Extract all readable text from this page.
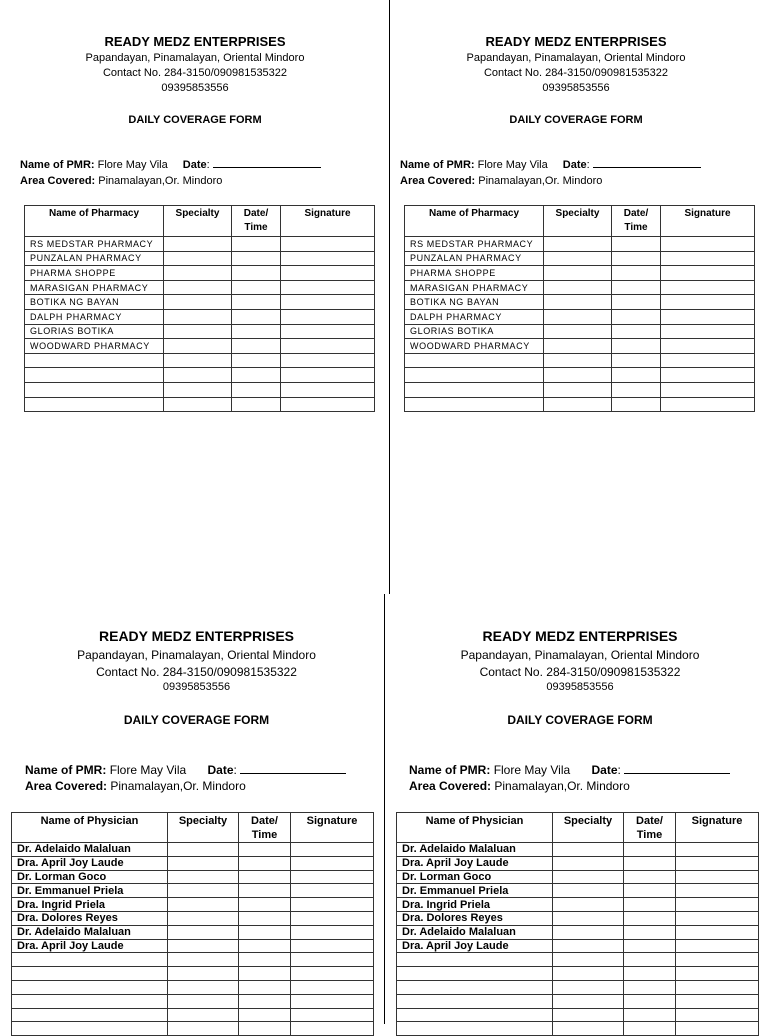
READY MEDZ ENTERPRISES
Papandayan, Pinamalayan, Oriental Mindoro
Contact No. 284-3150/090981535322
09395853556
DAILY COVERAGE FORM
Name of PMR: Flore May Vila Date:
Area Covered: Pinamalayan,Or. Mindoro
Name of Pharmacy	Specialty	Date/
Time	Signature
RS MEDSTAR PHARMACY			
PUNZALAN PHARMACY			
PHARMA SHOPPE			
MARASIGAN PHARMACY			
BOTIKA NG BAYAN			
DALPH PHARMACY			
GLORIAS BOTIKA			
WOODWARD PHARMACY			

READY MEDZ ENTERPRISES
Papandayan, Pinamalayan, Oriental Mindoro
Contact No. 284-3150/090981535322
09395853556
DAILY COVERAGE FORM
Name of PMR: Flore May Vila Date:
Area Covered: Pinamalayan,Or. Mindoro
Name of Pharmacy	Specialty	Date/
Time	Signature
RS MEDSTAR PHARMACY			
PUNZALAN PHARMACY			
PHARMA SHOPPE			
MARASIGAN PHARMACY			
BOTIKA NG BAYAN			
DALPH PHARMACY			
GLORIAS BOTIKA			
WOODWARD PHARMACY			

READY MEDZ ENTERPRISES
Papandayan, Pinamalayan, Oriental Mindoro
Contact No. 284-3150/090981535322
09395853556
DAILY COVERAGE FORM
Name of PMR: Flore May Vila Date:
Area Covered: Pinamalayan,Or. Mindoro
Name of Physician	Specialty	Date/
Time	Signature
Dr. Adelaido Malaluan			
Dra. April Joy Laude			
Dr. Lorman Goco			
Dr. Emmanuel Priela			
Dra. Ingrid Priela			
Dra. Dolores Reyes			
Dr. Adelaido Malaluan			
Dra. April Joy Laude			

READY MEDZ ENTERPRISES
Papandayan, Pinamalayan, Oriental Mindoro
Contact No. 284-3150/090981535322
09395853556
DAILY COVERAGE FORM
Name of PMR: Flore May Vila Date:
Area Covered: Pinamalayan,Or. Mindoro
Name of Physician	Specialty	Date/
Time	Signature
Dr. Adelaido Malaluan			
Dra. April Joy Laude			
Dr. Lorman Goco			
Dr. Emmanuel Priela			
Dra. Ingrid Priela			
Dra. Dolores Reyes			
Dr. Adelaido Malaluan			
Dra. April Joy Laude			
